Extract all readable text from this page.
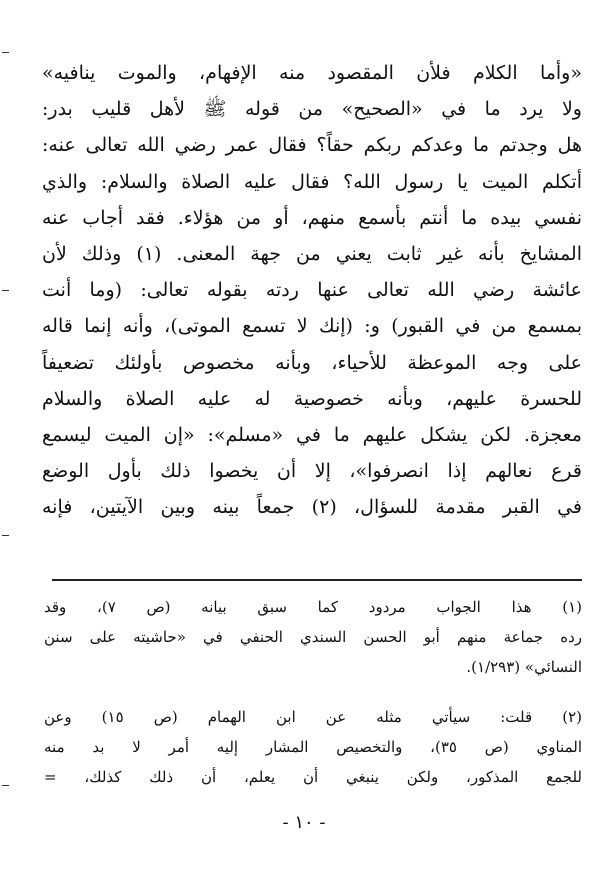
«وأما الكلام فلأن المقصود منه الإفهام، والموت ينافيه»
ولا يرد ما في «الصحيح» من قوله ﷺ لأهل قليب بدر:
هل وجدتم ما وعدكم ربكم حقاً؟ فقال عمر رضي الله تعالى عنه:
أتكلم الميت يا رسول الله؟ فقال عليه الصلاة والسلام: والذي
نفسي بيده ما أنتم بأسمع منهم، أو من هؤلاء. فقد أجاب عنه
المشايخ بأنه غير ثابت يعني من جهة المعنى. (١) وذلك لأن
عائشة رضي الله تعالى عنها ردته بقوله تعالى: (وما أنت
بمسمع من في القبور) و: (إنك لا تسمع الموتى)، وأنه إنما قاله
على وجه الموعظة للأحياء، وبأنه مخصوص بأولئك تضعيفاً
للحسرة عليهم، وبأنه خصوصية له عليه الصلاة والسلام
معجزة. لكن يشكل عليهم ما في «مسلم»: «إن الميت ليسمع
قرع نعالهم إذا انصرفوا»، إلا أن يخصوا ذلك بأول الوضع
في القبر مقدمة للسؤال، (٢) جمعاً بينه وبين الآيتين، فإنه
(١) هذا الجواب مردود كما سبق بيانه (ص ٧)، وقد
رده جماعة منهم أبو الحسن السندي الحنفي في «حاشيته على سنن
النسائي» (١/٢٩٣).
(٢) قلت: سيأتي مثله عن ابن الهمام (ص ١٥) وعن
المناوي (ص ٣٥)، والتخصيص المشار إليه أمر لا بد منه
للجمع المذكور، ولكن ينبغي أن يعلم، أن ذلك كذلك، =
- ١٠ -
